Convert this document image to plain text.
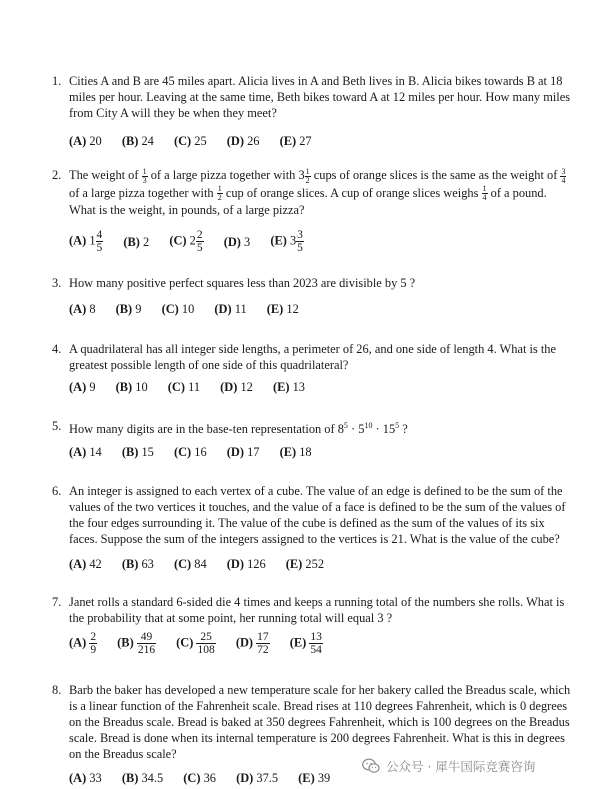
1. Cities A and B are 45 miles apart. Alicia lives in A and Beth lives in B. Alicia bikes towards B at 18 miles per hour. Leaving at the same time, Beth bikes toward A at 12 miles per hour. How many miles from City A will they be when they meet?
(A) 20 (B) 24 (C) 25 (D) 26 (E) 27
2. The weight of $\frac{1}{3}$ of a large pizza together with $3 \frac{1}{2}$ cups of orange slices is the same as the weight of $\frac{3}{4}$
of a large pizza together with $\frac{1}{2}$ cup of orange slices. A cup of orange slices weighs $\frac{1}{4}$ of a pound. What is the weight, in pounds, of a large pizza?
(A) $1 \frac{4}{5} (B)$ 2 (C) $2 \frac{2}{5} (D)$ 3 (E) $3 \frac{3}{5}$
3. How many positive perfect squares less than 2023 are divisible by 5 ?
(A) 8 (B) 9 (C) 10 (D) 11 (E) 12
4. A quadrilateral has all integer side lengths, a perimeter of 26, and one side of length 4. What is the greatest possible length of one side of this quadrilateral?
(A) 9 (B) 10 (C) 11 (D) 12 (E) 13
5. How many digits are in the base-ten representation of $8^5 \cdot 5^{10} \cdot 15^5$ ?
(A) 14 (B) 15 (C) 16 (D) 17 (E) 18
6. An integer is assigned to each vertex of a cube. The value of an edge is defined to be the sum of the values of the two vertices it touches, and the value of a face is defined to be the sum of the values of the four edges surrounding it. The value of the cube is defined as the sum of the values of its six faces. Suppose the sum of the integers assigned to the vertices is 21. What is the value of the cube?
(A) 42 (B) 63 (C) 84 (D) 126 (E) 252
7. Janet rolls a standard 6-sided die 4 times and keeps a running total of the numbers she rolls. What is the probability that at some point, her running total will equal 3 ?
$(A) \frac{2}{9} (B) \frac{49}{216} (C) \frac{25}{108} (D) \frac{17}{72} (E) \frac{13}{54}$
8. Barb the baker has developed a new temperature scale for her bakery called the Breadus scale, which is a linear function of the Fahrenheit scale. Bread rises at 110 degrees Fahrenheit, which is 0 degrees on the Breadus scale. Bread is baked at 350 degrees Fahrenheit, which is 100 degrees on the Breadus scale. Bread is done when its internal temperature is 200 degrees Fahrenheit. What is this in degrees on the Breadus scale?
(A) 33 (B) 34.5 (C) 36 (D) 37.5 (E) 39
公众号 · 犀牛国际竞赛咨询
